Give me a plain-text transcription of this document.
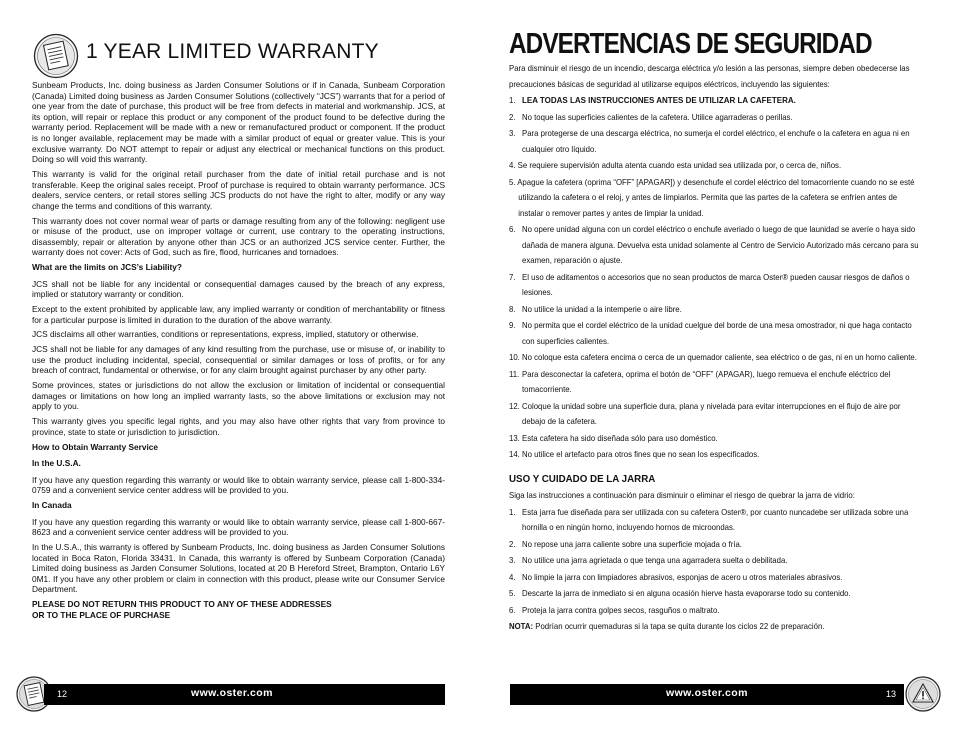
1 YEAR LIMITED WARRANTY

Sunbeam Products, Inc. doing business as Jarden Consumer Solutions or if in Canada, Sunbeam Corporation (Canada) Limited doing business as Jarden Consumer Solutions (collectively “JCS”) warrants that for a period of one year from the date of purchase, this product will be free from defects in material and workmanship. JCS, at its option, will repair or replace this product or any component of the product found to be defective during the warranty period. Replacement will be made with a new or remanufactured product or component. If the product is no longer available, replacement may be made with a similar product of equal or greater value. This is your exclusive warranty. Do NOT attempt to repair or adjust any electrical or mechanical functions on this product. Doing so will void this warranty.

This warranty is valid for the original retail purchaser from the date of initial retail purchase and is not transferable. Keep the original sales receipt. Proof of purchase is required to obtain warranty performance. JCS dealers, service centers, or retail stores selling JCS products do not have the right to alter, modify or any way change the terms and conditions of this warranty.

This warranty does not cover normal wear of parts or damage resulting from any of the following: negligent use or misuse of the product, use on improper voltage or current, use contrary to the operating instructions, disassembly, repair or alteration by anyone other than JCS or an authorized JCS service center. Further, the warranty does not cover: Acts of God, such as fire, flood, hurricanes and tornadoes.

What are the limits on JCS’s Liability?

JCS shall not be liable for any incidental or consequential damages caused by the breach of any express, implied or statutory warranty or condition.

Except to the extent prohibited by applicable law, any implied warranty or condition of merchantability or fitness for a particular purpose is limited in duration to the duration of the above warranty.

JCS disclaims all other warranties, conditions or representations, express, implied, statutory or otherwise.

JCS shall not be liable for any damages of any kind resulting from the purchase, use or misuse of, or inability to use the product including incidental, special, consequential or similar damages or loss of profits, or for any breach of contract, fundamental or otherwise, or for any claim brought against purchaser by any other party.

Some provinces, states or jurisdictions do not allow the exclusion or limitation of incidental or consequential damages or limitations on how long an implied warranty lasts, so the above limitations or exclusion may not apply to you.

This warranty gives you specific legal rights, and you may also have other rights that vary from province to province, state to state or jurisdiction to jurisdiction.

How to Obtain Warranty Service

In the U.S.A.

If you have any question regarding this warranty or would like to obtain warranty service, please call 1-800-334-0759 and a convenient service center address will be provided to you.

In Canada

If you have any question regarding this warranty or would like to obtain warranty service, please call 1-800-667-8623 and a convenient service center address will be provided to you.

In the U.S.A., this warranty is offered by Sunbeam Products, Inc. doing business as Jarden Consumer Solutions located in Boca Raton, Florida 33431. In Canada, this warranty is offered by Sunbeam Corporation (Canada) Limited doing business as Jarden Consumer Solutions, located at 20 B Hereford Street, Brampton, Ontario L6Y 0M1. If you have any other problem or claim in connection with this product, please write our Consumer Service Department.

PLEASE DO NOT RETURN THIS PRODUCT TO ANY OF THESE ADDRESSES

OR TO THE PLACE OF PURCHASE

12	www.oster.com
ADVERTENCIAS DE SEGURIDAD

Para disminuir el riesgo de un incendio, descarga eléctrica y/o lesión a las personas, siempre deben obedecerse las precauciones básicas de seguridad al utilizarse equipos eléctricos, incluyendo las siguientes:

1. LEA TODAS LAS INSTRUCCIONES ANTES DE UTILIZAR LA CAFETERA.
2. No toque las superficies calientes de la cafetera. Utilice agarraderas o perillas.
3. Para protegerse de una descarga eléctrica, no sumerja el cordel eléctrico, el enchufe o la cafetera en agua ni en cualquier otro líquido.

4. Se requiere supervisión adulta atenta cuando esta unidad sea utilizada por, o cerca de, niños.

5. Apague la cafetera (oprima “OFF” [APAGAR]) y desenchufe el cordel eléctrico del tomacorriente cuando no se esté utilizando la cafetera o el reloj, y antes de limpiarlos. Permita que las partes de la cafetera se enfríen antes de instalar o remover partes y antes de limpiar la unidad.

6. No opere unidad alguna con un cordel eléctrico o enchufe averiado o luego de que launidad se averíe o haya sido dañada de manera alguna. Devuelva esta unidad solamente al Centro de Servicio Autorizado más cercano para su examen, reparación o ajuste.
7. El uso de aditamentos o accesorios que no sean productos de marca Oster® pueden causar riesgos de daños o lesiones.
8. No utilice la unidad a la intemperie o aire libre.
9. No permita que el cordel eléctrico de la unidad cuelgue del borde de una mesa omostrador, ni que haga contacto con superficies calientes.
10. No coloque esta cafetera encima o cerca de un quemador caliente, sea eléctrico o de gas, ni en un horno caliente.
11. Para desconectar la cafetera, oprima el botón de “OFF” (APAGAR), luego remueva el enchufe eléctrico del tomacorriente.
12. Coloque la unidad sobre una superficie dura, plana y nivelada para evitar interrupciones en el flujo de aire por debajo de la cafetera.
13. Esta cafetera ha sido diseñada sólo para uso doméstico.
14. No utilice el artefacto para otros fines que no sean los especificados.
USO Y CUIDADO DE LA JARRA

Siga las instrucciones a continuación para disminuir o eliminar el riesgo de quebrar la jarra de vidrio:

1. Esta jarra fue diseñada para ser utilizada con su cafetera Oster®, por cuanto nuncadebe ser utilizada sobre una hornilla o en ningún horno, incluyendo hornos de microondas.
2. No repose una jarra caliente sobre una superficie mojada o fría.
3. No utilice una jarra agrietada o que tenga una agarradera suelta o debilitada.
4. No limpie la jarra con limpiadores abrasivos, esponjas de acero u otros materiales abrasivos.
5. Descarte la jarra de inmediato si en alguna ocasión hierve hasta evaporarse todo su contenido.
6. Proteja la jarra contra golpes secos, rasguños o maltrato.

NOTA: Podrían ocurrir quemaduras si la tapa se quita durante los ciclos 22 de preparación.

www.oster.com	13
